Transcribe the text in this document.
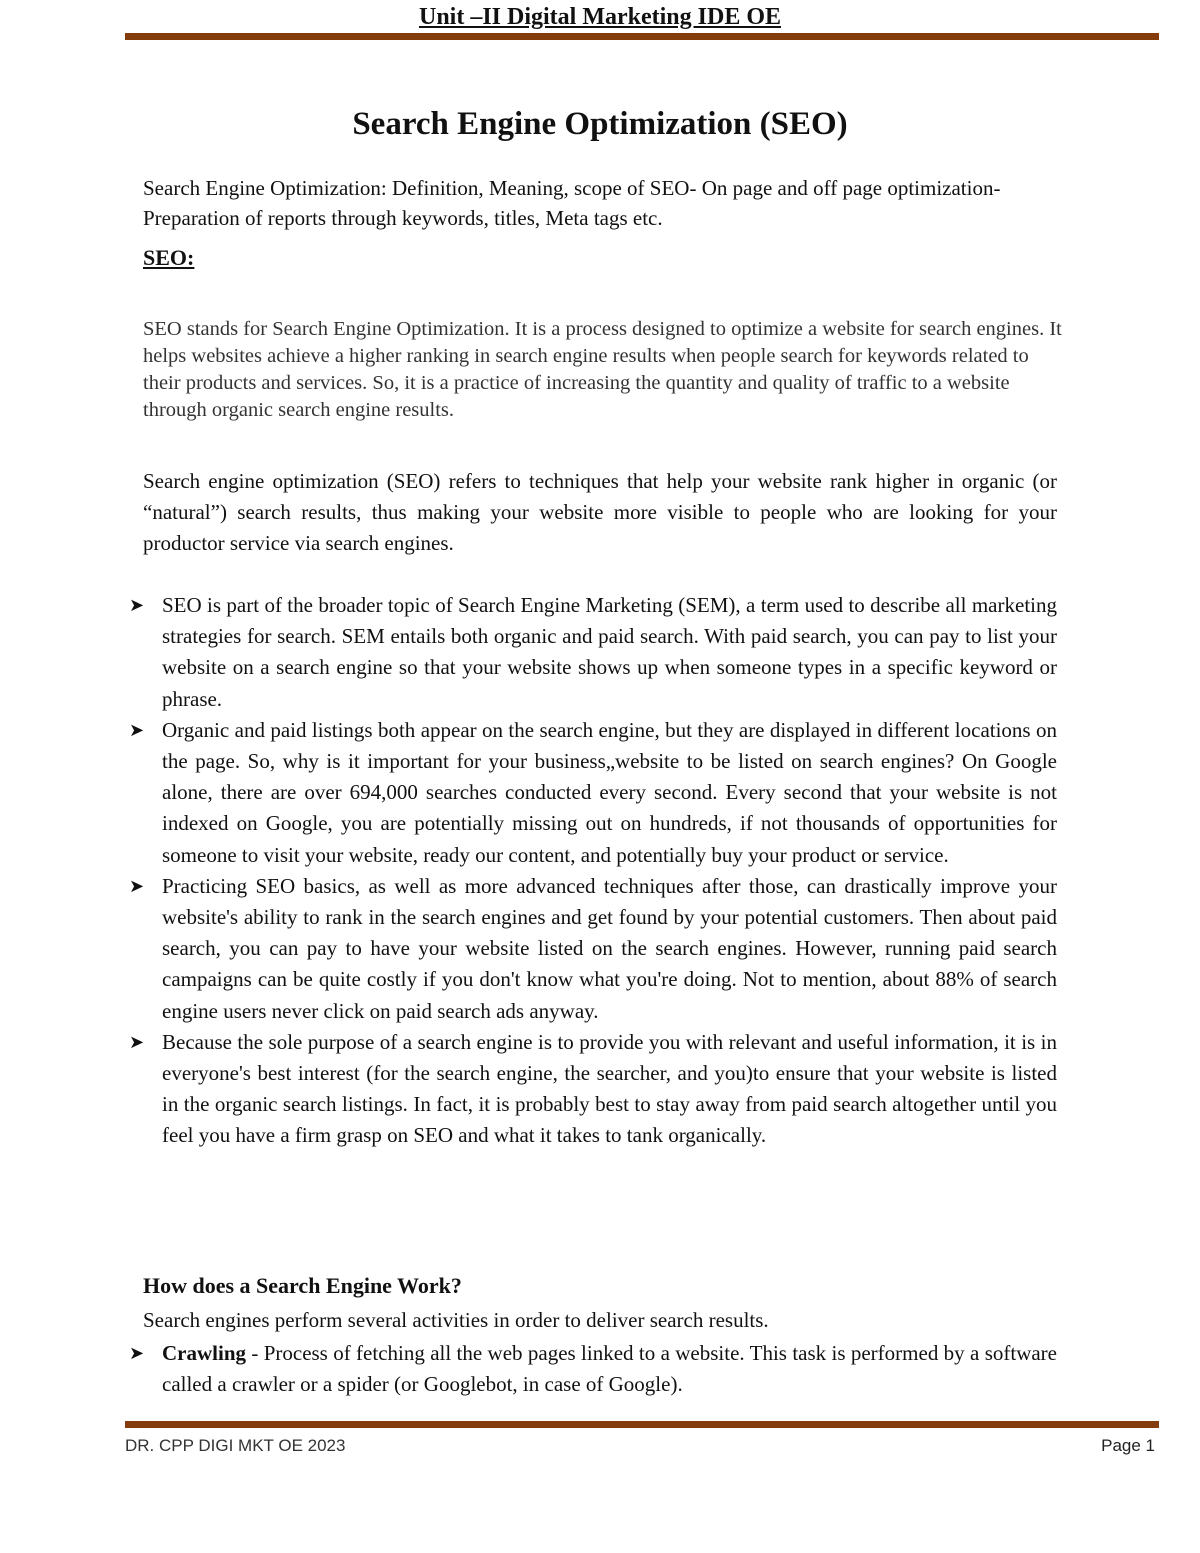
Unit –II Digital Marketing IDE OE
Search Engine Optimization (SEO)
Search Engine Optimization: Definition, Meaning, scope of SEO- On page and off page optimization- Preparation of reports through keywords, titles, Meta tags etc.
SEO:
SEO stands for Search Engine Optimization. It is a process designed to optimize a website for search engines. It helps websites achieve a higher ranking in search engine results when people search for keywords related to their products and services. So, it is a practice of increasing the quantity and quality of traffic to a website through organic search engine results.
Search engine optimization (SEO) refers to techniques that help your website rank higher in organic (or “natural”) search results, thus making your website more visible to people who are looking for your productor service via search engines.
➤ SEO is part of the broader topic of Search Engine Marketing (SEM), a term used to describe all marketing strategies for search. SEM entails both organic and paid search. With paid search, you can pay to list your website on a search engine so that your website shows up when someone types in a specific keyword or phrase.
➤ Organic and paid listings both appear on the search engine, but they are displayed in different locations on the page. So, why is it important for your business„website to be listed on search engines? On Google alone, there are over 694,000 searches conducted every second. Every second that your website is not indexed on Google, you are potentially missing out on hundreds, if not thousands of opportunities for someone to visit your website, ready our content, and potentially buy your product or service.
➤ Practicing SEO basics, as well as more advanced techniques after those, can drastically improve your website's ability to rank in the search engines and get found by your potential customers. Then about paid search, you can pay to have your website listed on the search engines. However, running paid search campaigns can be quite costly if you don't know what you're doing. Not to mention, about 88% of search engine users never click on paid search ads anyway.
➤ Because the sole purpose of a search engine is to provide you with relevant and useful information, it is in everyone's best interest (for the search engine, the searcher, and you)to ensure that your website is listed in the organic search listings. In fact, it is probably best to stay away from paid search altogether until you feel you have a firm grasp on SEO and what it takes to tank organically.
How does a Search Engine Work?
Search engines perform several activities in order to deliver search results.
➤ Crawling - Process of fetching all the web pages linked to a website. This task is performed by a software called a crawler or a spider (or Googlebot, in case of Google).
DR. CPP DIGI MKT OE 2023	Page 1
